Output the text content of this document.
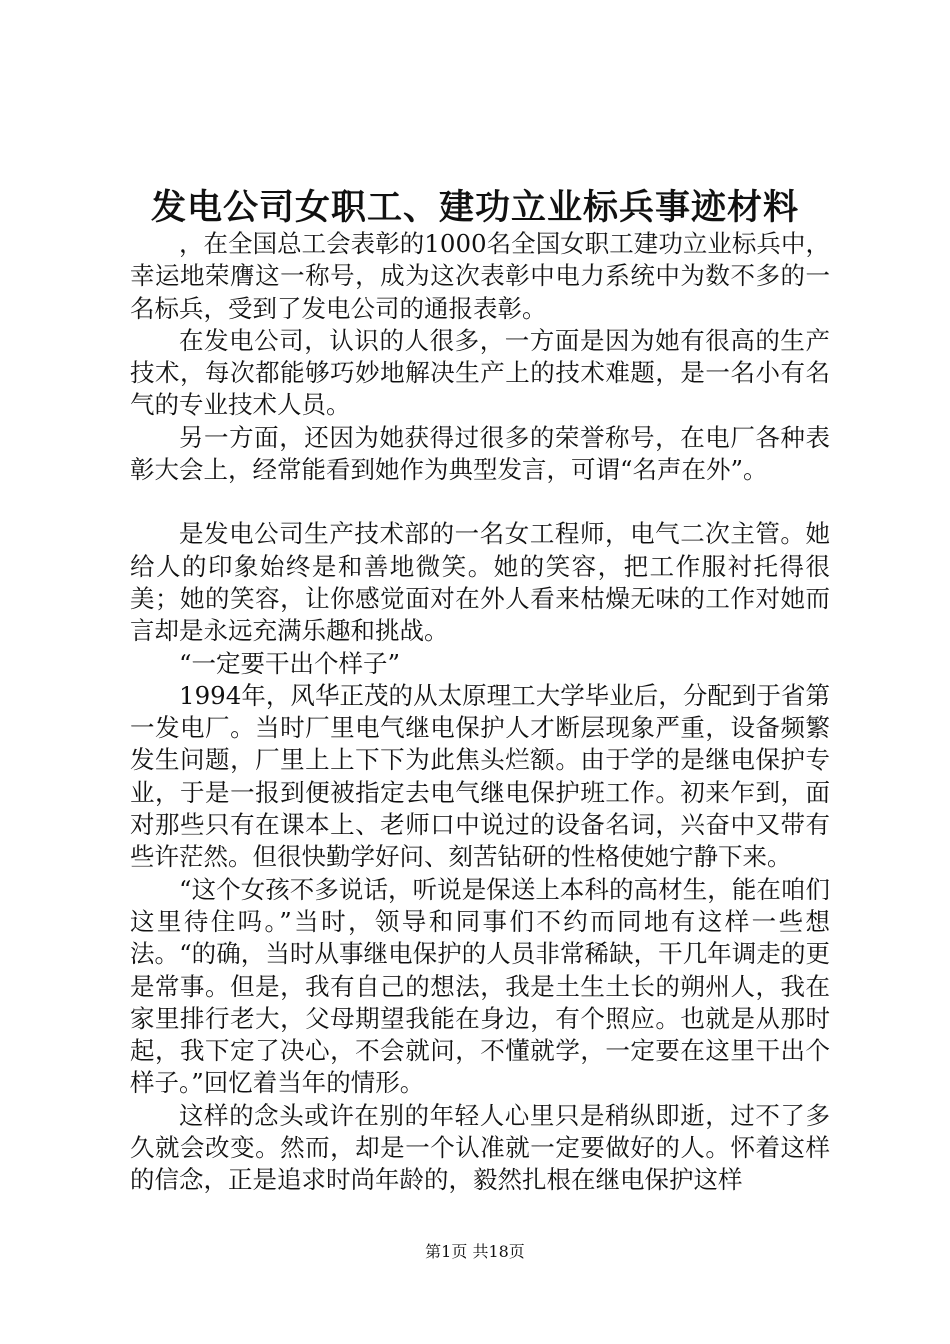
发电公司女职工、建功立业标兵事迹材料

，在全国总工会表彰的1000名全国女职工建功立业标兵中，幸运地荣膺这一称号，成为这次表彰中电力系统中为数不多的一名标兵，受到了发电公司的通报表彰。

在发电公司，认识的人很多，一方面是因为她有很高的生产技术，每次都能够巧妙地解决生产上的技术难题，是一名小有名气的专业技术人员。

另一方面，还因为她获得过很多的荣誉称号，在电厂各种表彰大会上，经常能看到她作为典型发言，可谓“名声在外”。

是发电公司生产技术部的一名女工程师，电气二次主管。她给人的印象始终是和善地微笑。她的笑容，把工作服衬托得很美；她的笑容，让你感觉面对在外人看来枯燥无味的工作对她而言却是永远充满乐趣和挑战。

“一定要干出个样子”

1994年，风华正茂的从太原理工大学毕业后，分配到于省第一发电厂。当时厂里电气继电保护人才断层现象严重，设备频繁发生问题，厂里上上下下为此焦头烂额。由于学的是继电保护专业，于是一报到便被指定去电气继电保护班工作。初来乍到，面对那些只有在课本上、老师口中说过的设备名词，兴奋中又带有些许茫然。但很快勤学好问、刻苦钻研的性格使她宁静下来。

“这个女孩不多说话，听说是保送上本科的高材生，能在咱们这里待住吗。”当时，领导和同事们不约而同地有这样一些想法。“的确，当时从事继电保护的人员非常稀缺，干几年调走的更是常事。但是，我有自己的想法，我是土生土长的朔州人，我在家里排行老大，父母期望我能在身边，有个照应。也就是从那时起，我下定了决心，不会就问，不懂就学，一定要在这里干出个样子。”回忆着当年的情形。

这样的念头或许在别的年轻人心里只是稍纵即逝，过不了多久就会改变。然而，却是一个认准就一定要做好的人。怀着这样的信念，正是追求时尚年龄的，毅然扎根在继电保护这样

第1页 共18页
